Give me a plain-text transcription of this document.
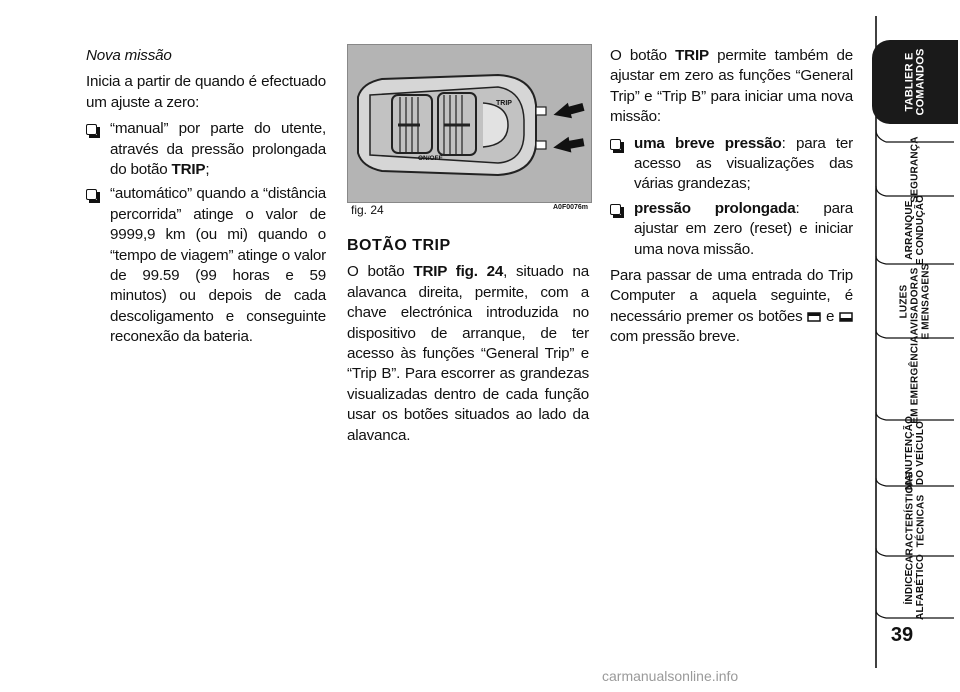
Nova missão

Inicia a partir de quando é efectuado um ajuste a zero:

“manual” por parte do utente, através da pressão prolongada do botão TRIP;
“automático” quando a “distância percorrida” atinge o valor de 9999,9 km (ou mi) quando o “tempo de viagem” atinge o valor de 99.59 (99 horas e 59 minutos) ou depois de cada descoligamento e conseguinte reconexão da bateria.
TRIP
ON/OFF
fig. 24	A0F0076m
BOTÃO TRIP

O botão TRIP fig. 24, situado na alavanca direita, permite, com a chave electrónica introduzida no dispositivo de arranque, de ter acesso às funções “General Trip” e “Trip B”. Para escorrer as grandezas visualizadas dentro de cada função usar os botões situados ao lado da alavanca.

O botão TRIP permite também de ajustar em zero as funções “General Trip” e “Trip B” para iniciar uma nova missão:

uma breve pressão: para ter acesso as visualizações das várias grandezas;
pressão prolongada: para ajustar em zero (reset) e iniciar uma nova missão.

Para passar de uma entrada do Trip Computer a aquela seguinte, é necessário premer os botões  e  com pressão breve.

TABLIER E
COMANDOS
SEGURANÇA
ARRANQUE
E CONDUÇÃO
LUZES
AVISADORAS
E MENSAGENS
EM EMERGÊNCIA
MANUTENÇÃO
DO VEÍCULO
CARACTERÍSTICAS
TÉCNICAS
ÍNDICE
ALFABÉTICO
39
carmanualsonline.info
